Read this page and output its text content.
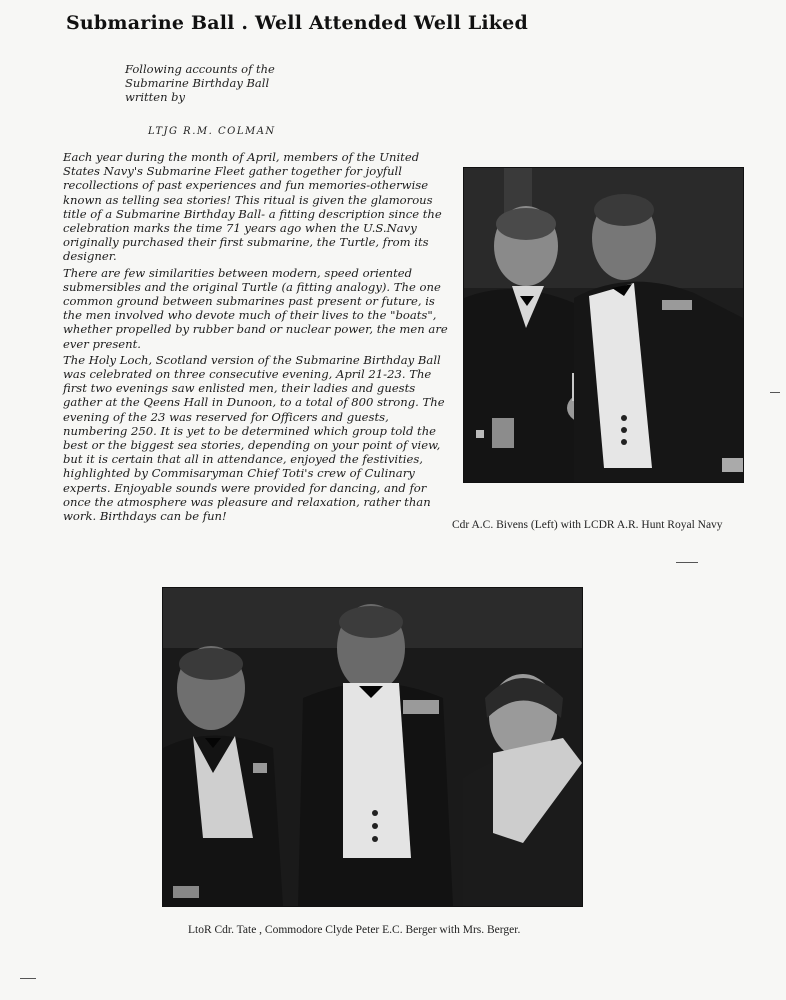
Submarine Ball . Well Attended Well Liked
Following accounts of the
Submarine Birthday Ball
written by
LTJG R.M. COLMAN

Each year during the month of April, members of the United States Navy's Submarine Fleet gather together for joyfull recollections of past experiences and fun memories-otherwise known as telling sea stories! This ritual is given the glamorous title of a Submarine Birthday Ball- a fitting description since the celebration marks the time 71 years ago when the U.S.Navy originally purchased their first submarine, the Turtle, from its designer.

There are few similarities between modern, speed oriented submersibles and the original Turtle (a fitting analogy). The one common ground between submarines past present or future, is the men involved who devote much of their lives to the "boats", whether propelled by rubber band or nuclear power, the men are ever present.

The Holy Loch, Scotland version of the Submarine Birthday Ball was celebrated on three consecutive evening, April 21-23. The first two evenings saw enlisted men, their ladies and guests gather at the Qeens Hall in Dunoon, to a total of 800 strong. The evening of the 23 was reserved for Officers and guests, numbering 250. It is yet to be determined which group told the best or the biggest sea stories, depending on your point of view, but it is certain that all in attendance, enjoyed the festivities, highlighted by Commisaryman Chief Toti's crew of Culinary experts. Enjoyable sounds were provided for dancing, and for once the atmosphere was pleasure and relaxation, rather than work. Birthdays can be fun!

Cdr A.C. Bivens (Left) with LCDR A.R. Hunt Royal Navy
LtoR Cdr. Tate , Commodore Clyde Peter E.C. Berger with Mrs. Berger.
